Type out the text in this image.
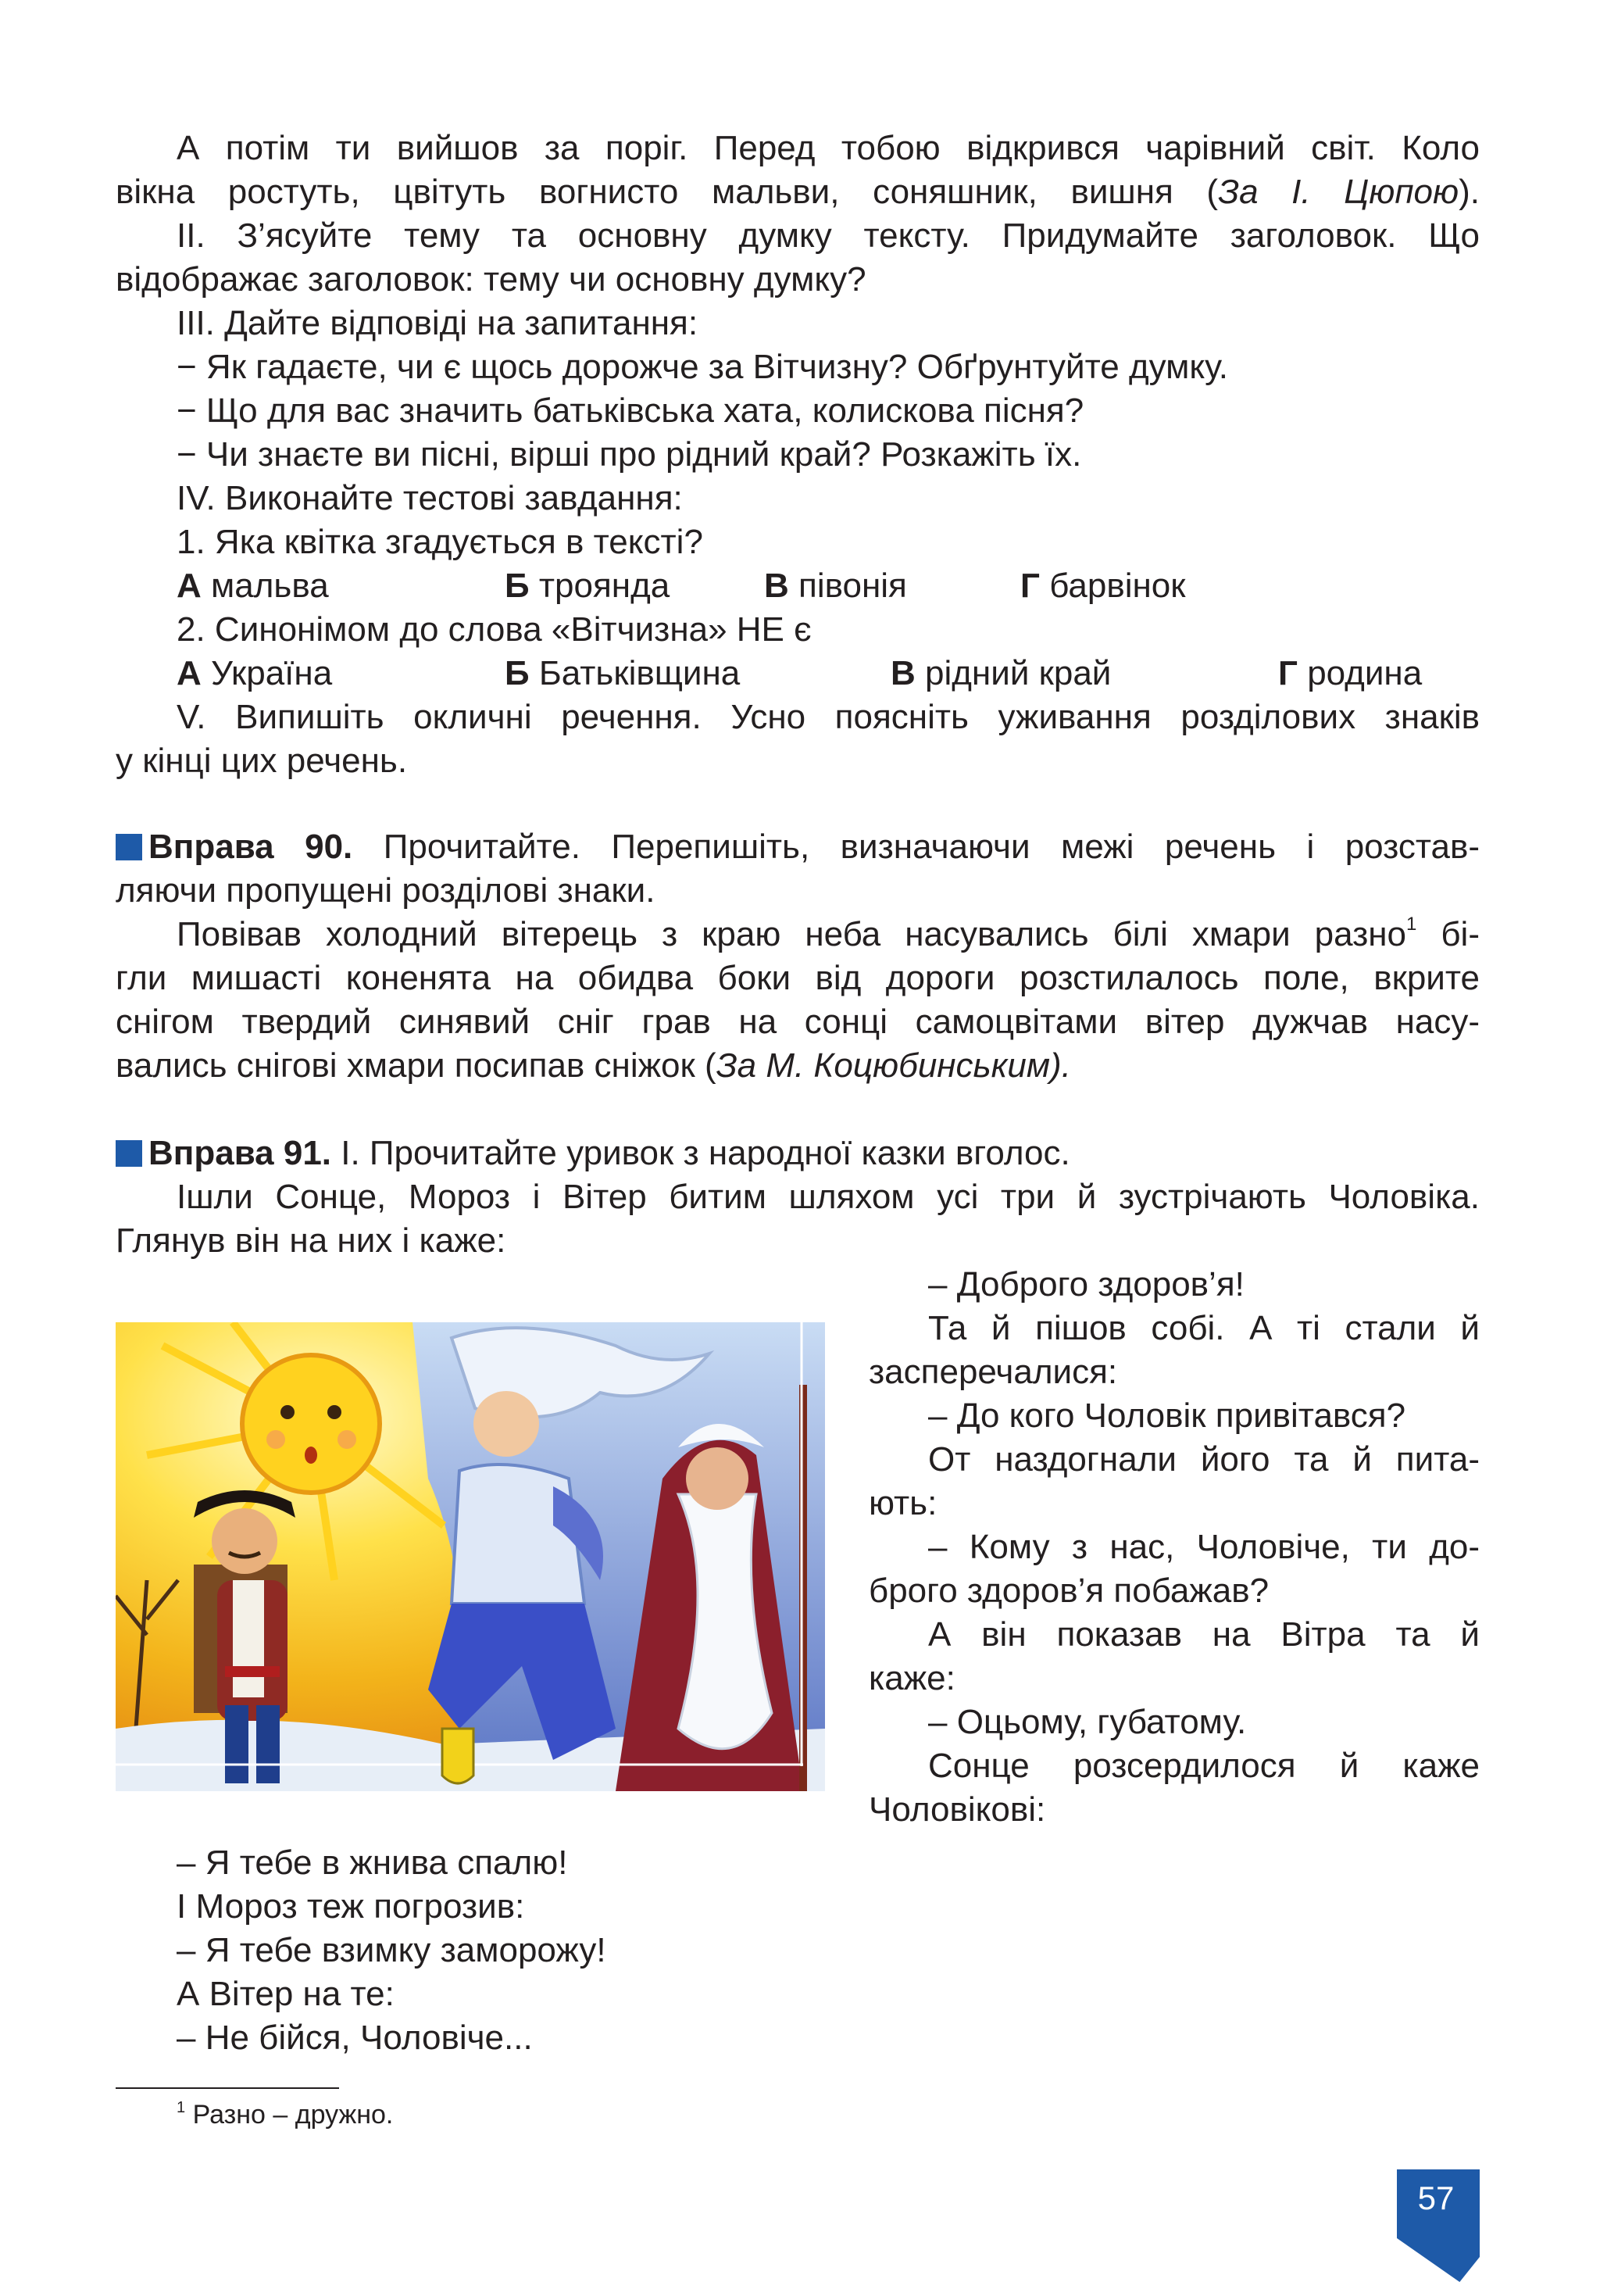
А потім ти вийшов за поріг. Перед тобою відкрився чарівний світ. Коло
вікна ростуть, цвітуть вогнисто мальви, соняшник, вишня (За І. Цюпою).
ІІ. З’ясуйте тему та основну думку тексту. Придумайте заголовок. Що
відображає заголовок: тему чи основну думку?
ІІІ. Дайте відповіді на запитання:
− Як гадаєте, чи є щось дорожче за Вітчизну? Обґрунтуйте думку.
− Що для вас значить батьківська хата, колискова пісня?
− Чи знаєте ви пісні, вірші про рідний край? Розкажіть їх.
ІV. Виконайте тестові завдання:
1. Яка квітка згадується в тексті?
А мальва	Б троянда	В півонія	Г барвінок
2. Синонімом до слова «Вітчизна» НЕ є
А Україна	Б Батьківщина	В рідний край	Г родина
V. Випишіть окличні речення. Усно поясніть уживання розділових знаків
у кінці цих речень.
Вправа 90. Прочитайте. Перепишіть, визначаючи межі речень і розстав-
ляючи пропущені розділові знаки.
Повівав холодний вітерець з краю неба насувались білі хмари разно$^1$ бі-
гли мишасті коненята на обидва боки від дороги розстилалось поле, вкрите
снігом твердий синявий сніг грав на сонці самоцвітами вітер дужчав насу-
вались снігові хмари посипав сніжок (За М. Коцюбинським).
Вправа 91. І. Прочитайте уривок з народної казки вголос.
Ішли Сонце, Мороз і Вітер битим шляхом усі три й зустрічають Чоловіка.
Глянув він на них і каже:
– Доброго здоров’я!
Та й пішов собі. А ті стали й
засперечалися:
– До кого Чоловік привітався?
От наздогнали його та й пита-
ють:
– Кому з нас, Чоловіче, ти до-
брого здоров’я побажав?
А він показав на Вітра та й
каже:
– Оцьому, губатому.
Сонце розсердилося й каже
Чоловікові:
– Я тебе в жнива спалю!
І Мороз теж погрозив:
– Я тебе взимку заморожу!
А Вітер на те:
– Не бійся, Чоловіче...
$^1$ Разно – дружно.
57
